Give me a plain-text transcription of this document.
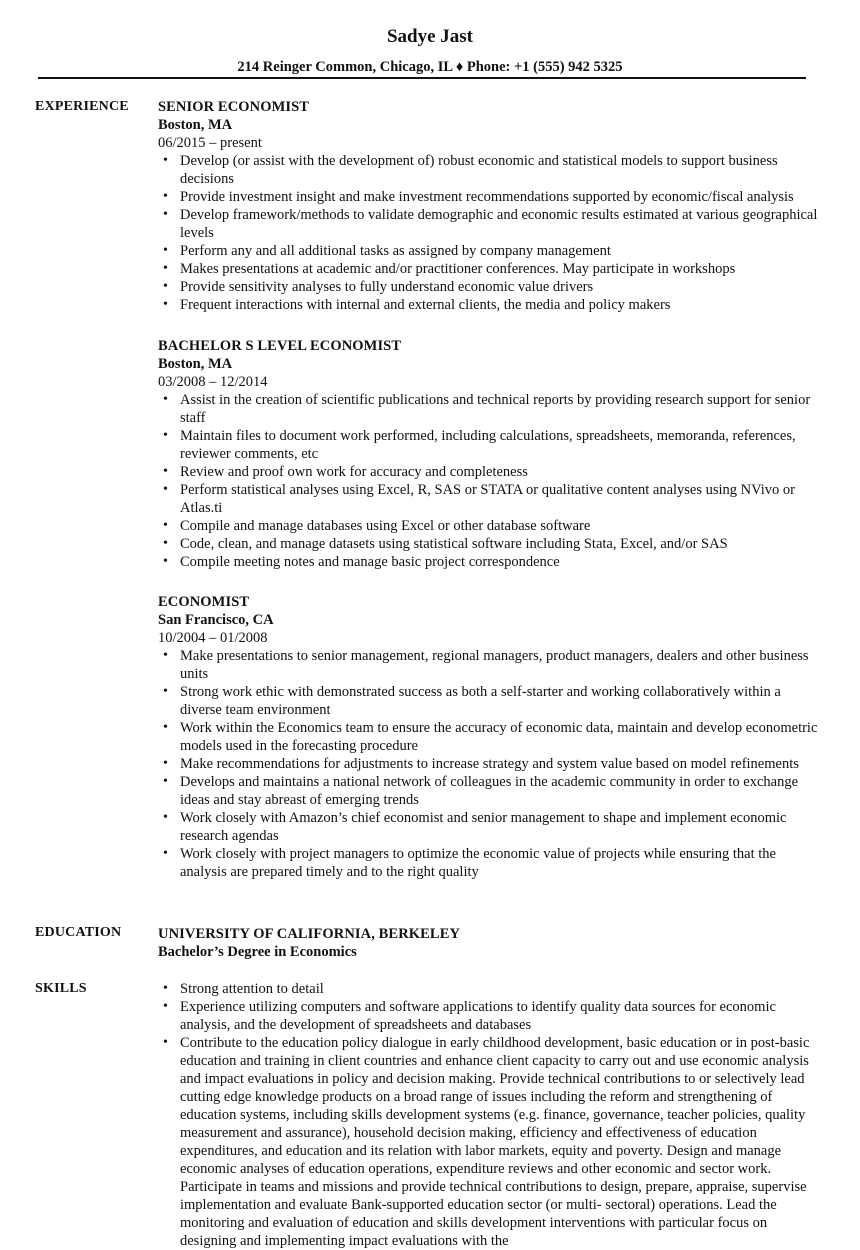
Sadye Jast
214 Reinger Common, Chicago, IL ♦ Phone: +1 (555) 942 5325
EXPERIENCE	SENIOR ECONOMIST
Boston, MA
06/2015 – present
• Develop (or assist with the development of) robust economic and statistical models to support business decisions
• Provide investment insight and make investment recommendations supported by economic/fiscal analysis
• Develop framework/methods to validate demographic and economic results estimated at various geographical levels
• Perform any and all additional tasks as assigned by company management
• Makes presentations at academic and/or practitioner conferences. May participate in workshops
• Provide sensitivity analyses to fully understand economic value drivers
• Frequent interactions with internal and external clients, the media and policy makers
BACHELOR S LEVEL ECONOMIST
Boston, MA
03/2008 – 12/2014
• Assist in the creation of scientific publications and technical reports by providing research support for senior staff
• Maintain files to document work performed, including calculations, spreadsheets, memoranda, references, reviewer comments, etc
• Review and proof own work for accuracy and completeness
• Perform statistical analyses using Excel, R, SAS or STATA or qualitative content analyses using NVivo or Atlas.ti
• Compile and manage databases using Excel or other database software
• Code, clean, and manage datasets using statistical software including Stata, Excel, and/or SAS
• Compile meeting notes and manage basic project correspondence
ECONOMIST
San Francisco, CA
10/2004 – 01/2008
• Make presentations to senior management, regional managers, product managers, dealers and other business units
• Strong work ethic with demonstrated success as both a self-starter and working collaboratively within a diverse team environment
• Work within the Economics team to ensure the accuracy of economic data, maintain and develop econometric models used in the forecasting procedure
• Make recommendations for adjustments to increase strategy and system value based on model refinements
• Develops and maintains a national network of colleagues in the academic community in order to exchange ideas and stay abreast of emerging trends
• Work closely with Amazon’s chief economist and senior management to shape and implement economic research agendas
• Work closely with project managers to optimize the economic value of projects while ensuring that the analysis are prepared timely and to the right quality
EDUCATION	UNIVERSITY OF CALIFORNIA, BERKELEY
Bachelor’s Degree in Economics
SKILLS
•	Strong attention to detail
• Experience utilizing computers and software applications to identify quality data sources for economic analysis, and the development of spreadsheets and databases
• Contribute to the education policy dialogue in early childhood development, basic education or in post-basic education and training in client countries and enhance client capacity to carry out and use economic analysis and impact evaluations in policy and decision making. Provide technical contributions to or selectively lead cutting edge knowledge products on a broad range of issues including the reform and strengthening of education systems, including skills development systems (e.g. finance, governance, teacher policies, quality measurement and assurance), household decision making, efficiency and effectiveness of education expenditures, and education and its relation with labor markets, equity and poverty. Design and manage economic analyses of education operations, expenditure reviews and other economic and sector work. Participate in teams and missions and provide technical contributions to design, prepare, appraise, supervise implementation and evaluate Bank-supported education sector (or multi- sectoral) operations. Lead the monitoring and evaluation of education and skills development interventions with particular focus on designing and implementing impact evaluations with the
